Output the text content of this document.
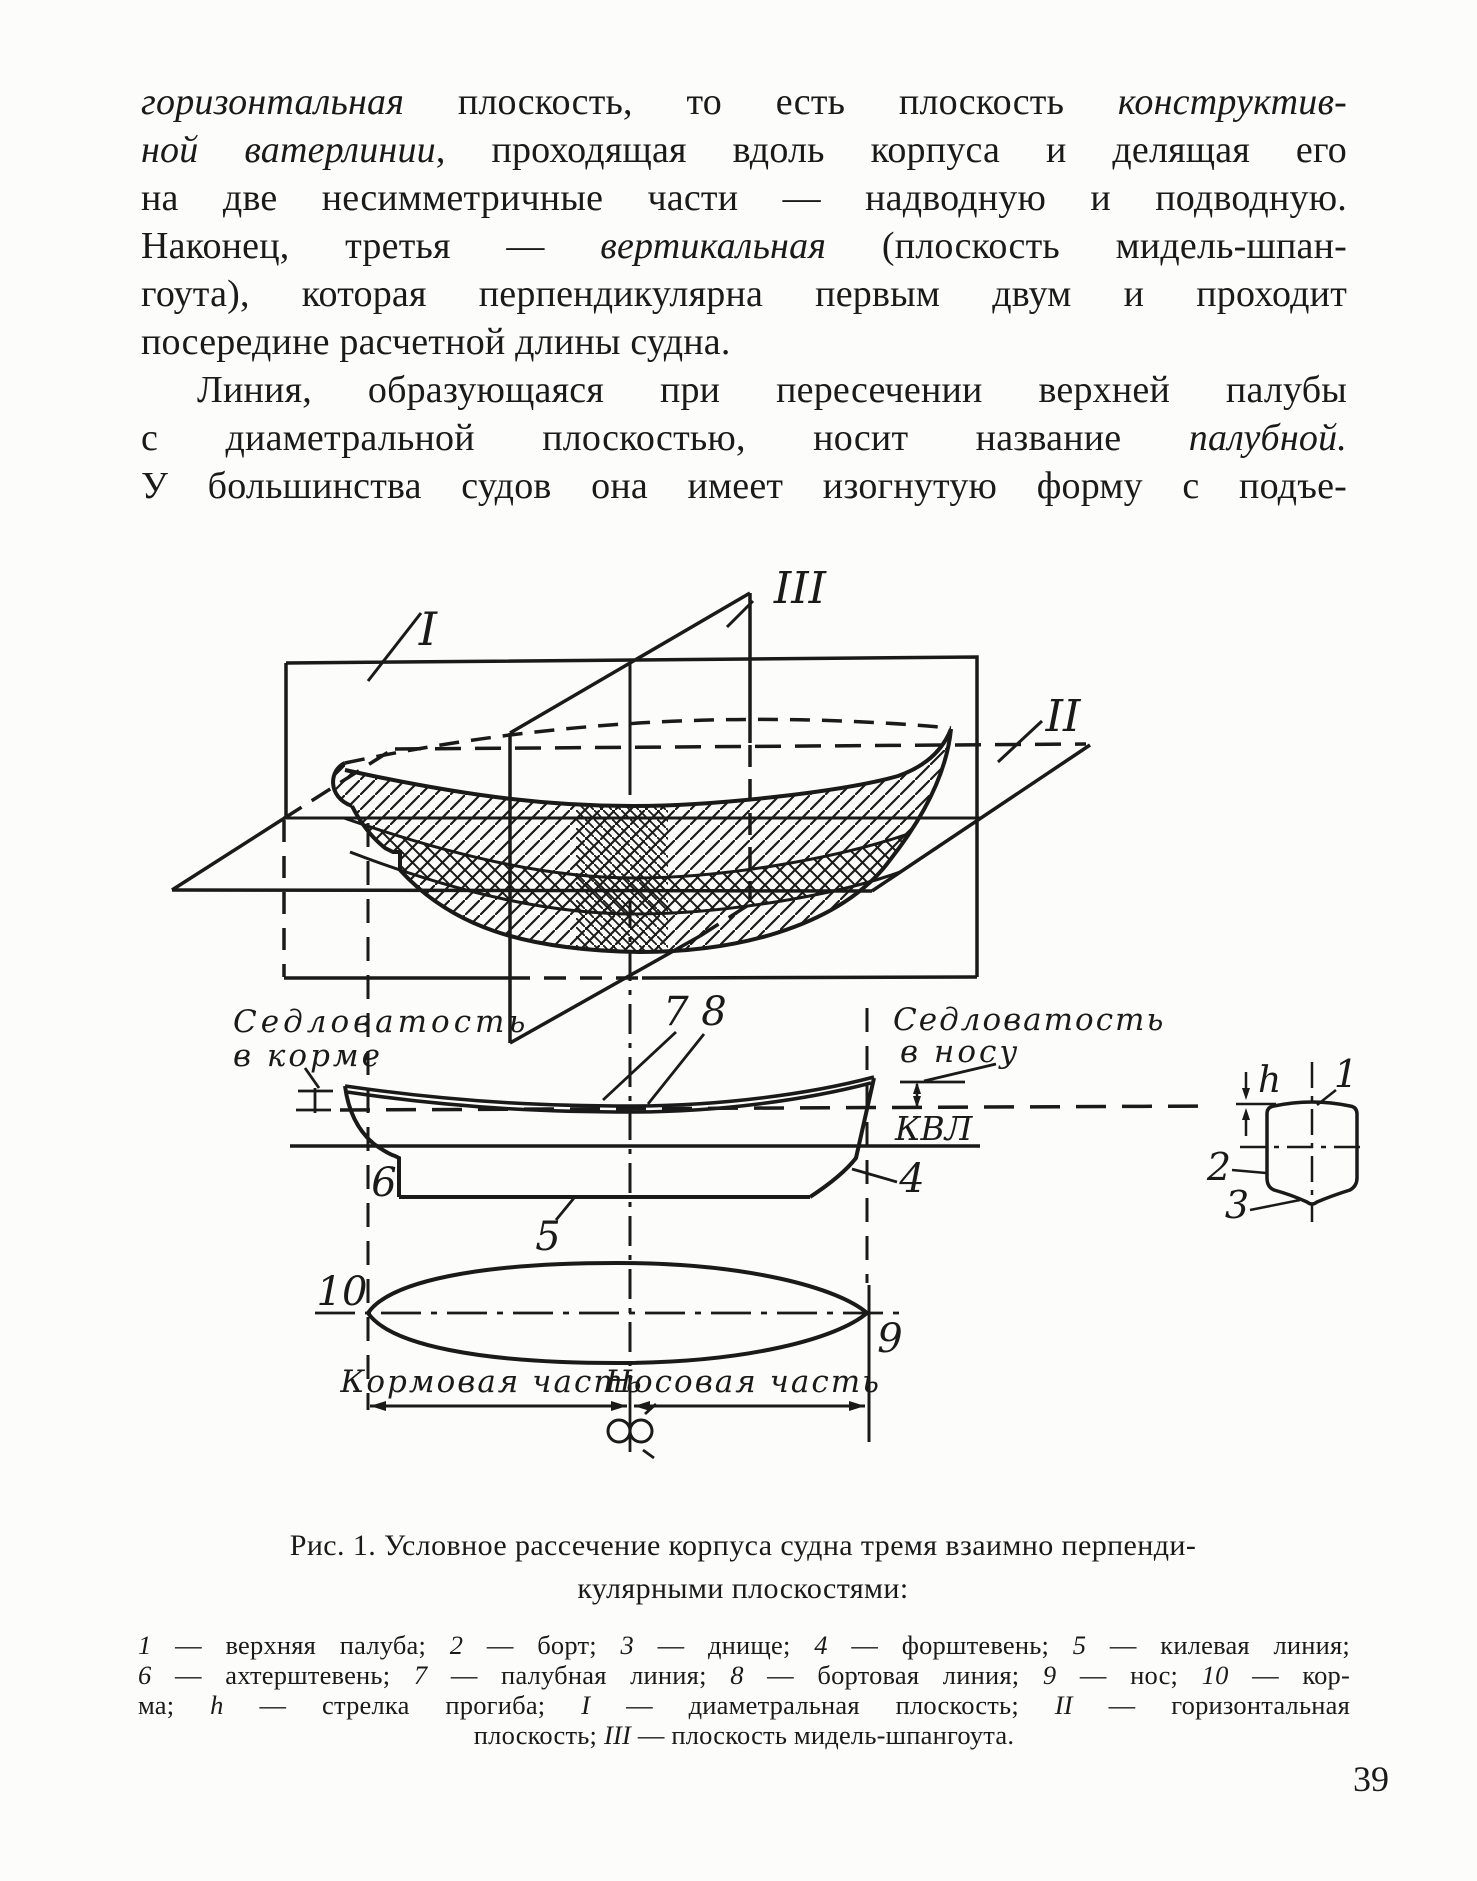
горизонтальная плоскость, то есть плоскость конструктив-
ной ватерлинии, проходящая вдоль корпуса и делящая его
на две несимметричные части — надводную и подводную.
Наконец, третья — вертикальная (плоскость мидель-шпан-
гоута), которая перпендикулярна первым двум и проходит
посередине расчетной длины судна.
Линия, образующаяся при пересечении верхней палубы
с диаметральной плоскостью, носит название палубной.
У большинства судов она имеет изогнутую форму с подъе-
I
III
II
Седловатость
в корме
Седловатость
в носу
7 8
КВЛ
6
5
4
10
9
Кормовая часть
Носовая часть
h 1
2
3
Рис. 1. Условное рассечение корпуса судна тремя взаимно перпенди-
кулярными плоскостями:
1 — верхняя палуба; 2 — борт; 3 — днище; 4 — форштевень; 5 — килевая линия;
6 — ахтерштевень; 7 — палубная линия; 8 — бортовая линия; 9 — нос; 10 — кор-
ма; h — стрелка прогиба; I — диаметральная плоскость; II — горизонтальная
плоскость; III — плоскость мидель-шпангоута.
39
